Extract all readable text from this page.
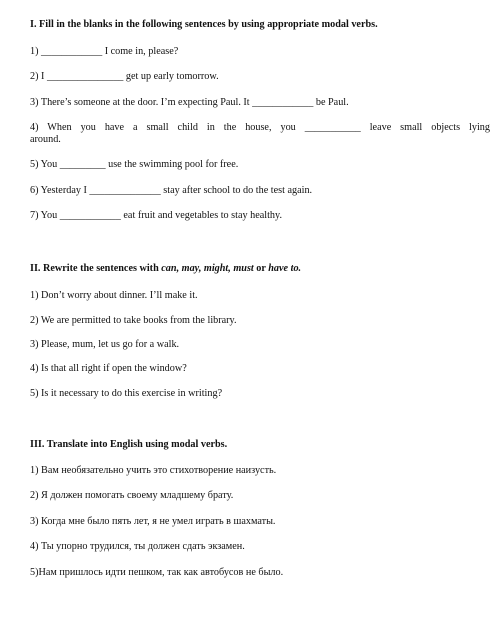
I. Fill in the blanks in the following sentences by using appropriate modal verbs.
1) ____________ I come in, please?
2) I _______________ get up early tomorrow.
3) There’s someone at the door. I’m expecting Paul. It ____________ be Paul.
4) When you have a small child in the house, you ___________ leave small objects lying
around.
5) You _________ use the swimming pool for free.
6) Yesterday I ______________ stay after school to do the test again.
7) You ____________ eat fruit and vegetables to stay healthy.
II. Rewrite the sentences with can, may, might, must or have to.
1) Don’t worry about dinner. I’ll make it.
2) We are permitted to take books from the library.
3) Please, mum, let us go for a walk.
4) Is that all right if open the window?
5) Is it necessary to do this exercise in writing?
III. Translate into English using modal verbs.
1) Вам необязательно учить это стихотворение наизусть.
2) Я должен помогать своему младшему брату.
3) Когда мне было пять лет, я не умел играть в шахматы.
4) Ты упорно трудился, ты должен сдать экзамен.
5)Нам пришлось идти пешком, так как автобусов не было.
